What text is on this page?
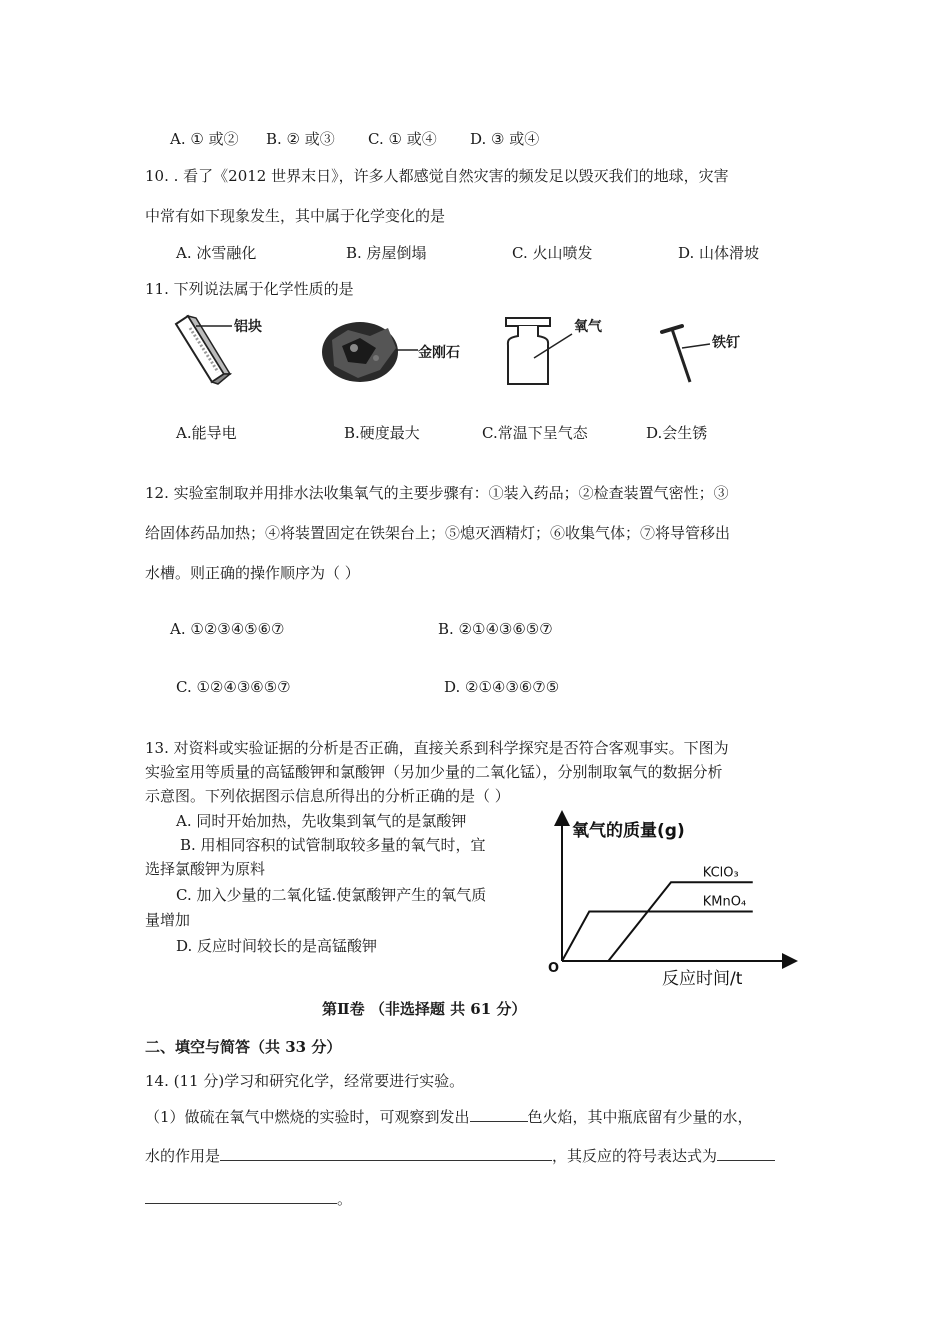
A. ① 或② B. ② 或③ C. ① 或④ D. ③ 或④
10. . 看了《2012 世界末日》，许多人都感觉自然灾害的频发足以毁灭我们的地球，灾害
中常有如下现象发生，其中属于化学变化的是
A. 冰雪融化	B. 房屋倒塌	C. 火山喷发	D. 山体滑坡
11. 下列说法属于化学性质的是
铝块
金刚石
氧气
铁钉
A.能导电	B.硬度最大	C.常温下呈气态	D.会生锈
12. 实验室制取并用排水法收集氧气的主要步骤有：①装入药品；②检查装置气密性；③
给固体药品加热；④将装置固定在铁架台上；⑤熄灭酒精灯；⑥收集气体；⑦将导管移出
水槽。则正确的操作顺序为（ ）
A. ①②③④⑤⑥⑦	B. ②①④③⑥⑤⑦
C. ①②④③⑥⑤⑦	D. ②①④③⑥⑦⑤
13. 对资料或实验证据的分析是否正确，直接关系到科学探究是否符合客观事实。下图为
实验室用等质量的高锰酸钾和氯酸钾（另加少量的二氧化锰），分别制取氧气的数据分析
示意图。下列依据图示信息所得出的分析正确的是（ ）
A. 同时开始加热，先收集到氧气的是氯酸钾
B. 用相同容积的试管制取较多量的氧气时，宜
选择氯酸钾为原料
C. 加入少量的二氧化锰.使氯酸钾产生的氧气质
量增加
D. 反应时间较长的是高锰酸钾
氧气的质量(g)
反应时间/t
O
KClO₃
KMnO₄
第Ⅱ卷 （非选择题 共 61 分）
二、填空与简答（共 33 分）
14. (11 分)学习和研究化学，经常要进行实验。
（1）做硫在氧气中燃烧的实验时，可观察到发出	色火焰，其中瓶底留有少量的水，
水的作用是	，其反应的符号表达式为
。
